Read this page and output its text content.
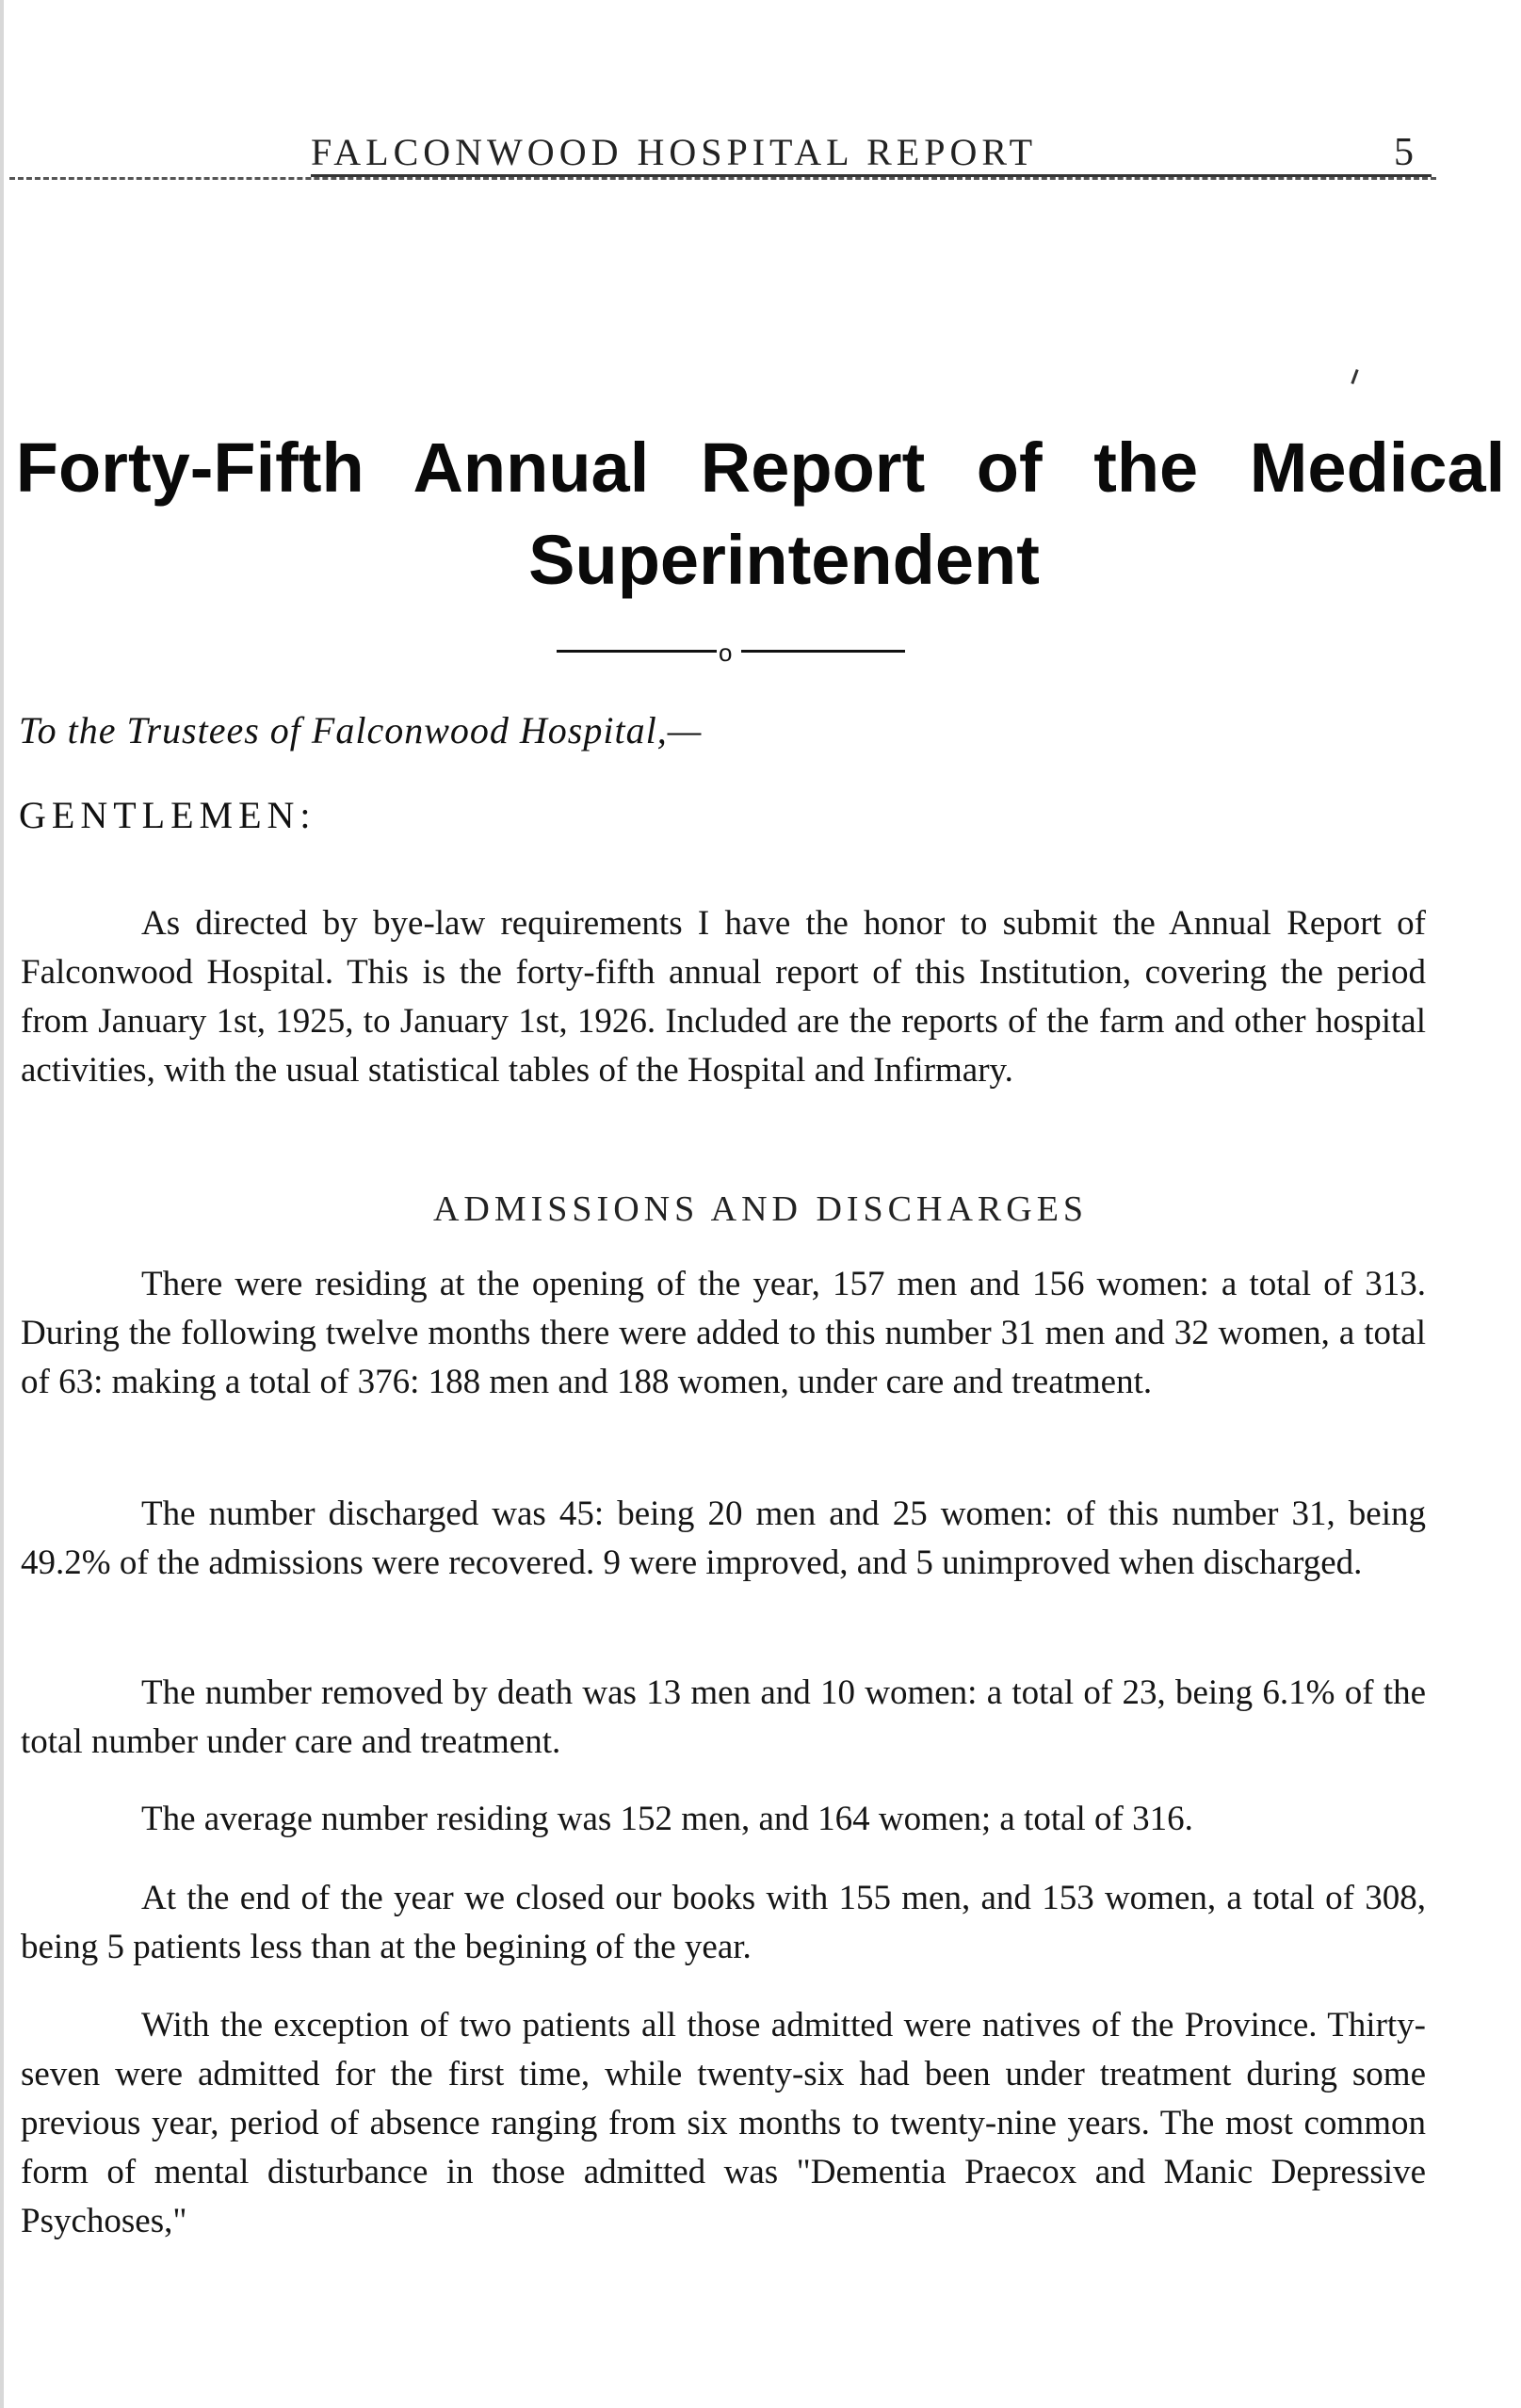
FALCONWOOD HOSPITAL REPORT	5
Forty-Fifth Annual Report of the Medical
Superintendent
o
To the Trustees of Falconwood Hospital,—
GENTLEMEN:

As directed by bye-law requirements I have the honor to submit the Annual Report of Falconwood Hospital. This is the forty-fifth annual report of this Institution, covering the period from January 1st, 1925, to January 1st, 1926. Included are the reports of the farm and other hospital activities, with the usual statistical tables of the Hospital and Infirmary.

ADMISSIONS AND DISCHARGES

There were residing at the opening of the year, 157 men and 156 women: a total of 313. During the following twelve months there were added to this number 31 men and 32 women, a total of 63: making a total of 376: 188 men and 188 women, under care and treatment.

The number discharged was 45: being 20 men and 25 women: of this number 31, being 49.2% of the admissions were recovered. 9 were improved, and 5 unimproved when discharged.

The number removed by death was 13 men and 10 women: a total of 23, being 6.1% of the total number under care and treatment.

The average number residing was 152 men, and 164 women; a total of 316.

At the end of the year we closed our books with 155 men, and 153 women, a total of 308, being 5 patients less than at the begining of the year.

With the exception of two patients all those admitted were natives of the Province. Thirty-seven were admitted for the first time, while twenty-six had been under treatment during some previous year, period of absence ranging from six months to twenty-nine years. The most common form of mental disturbance in those admitted was "Dementia Praecox and Manic Depressive Psychoses,"
